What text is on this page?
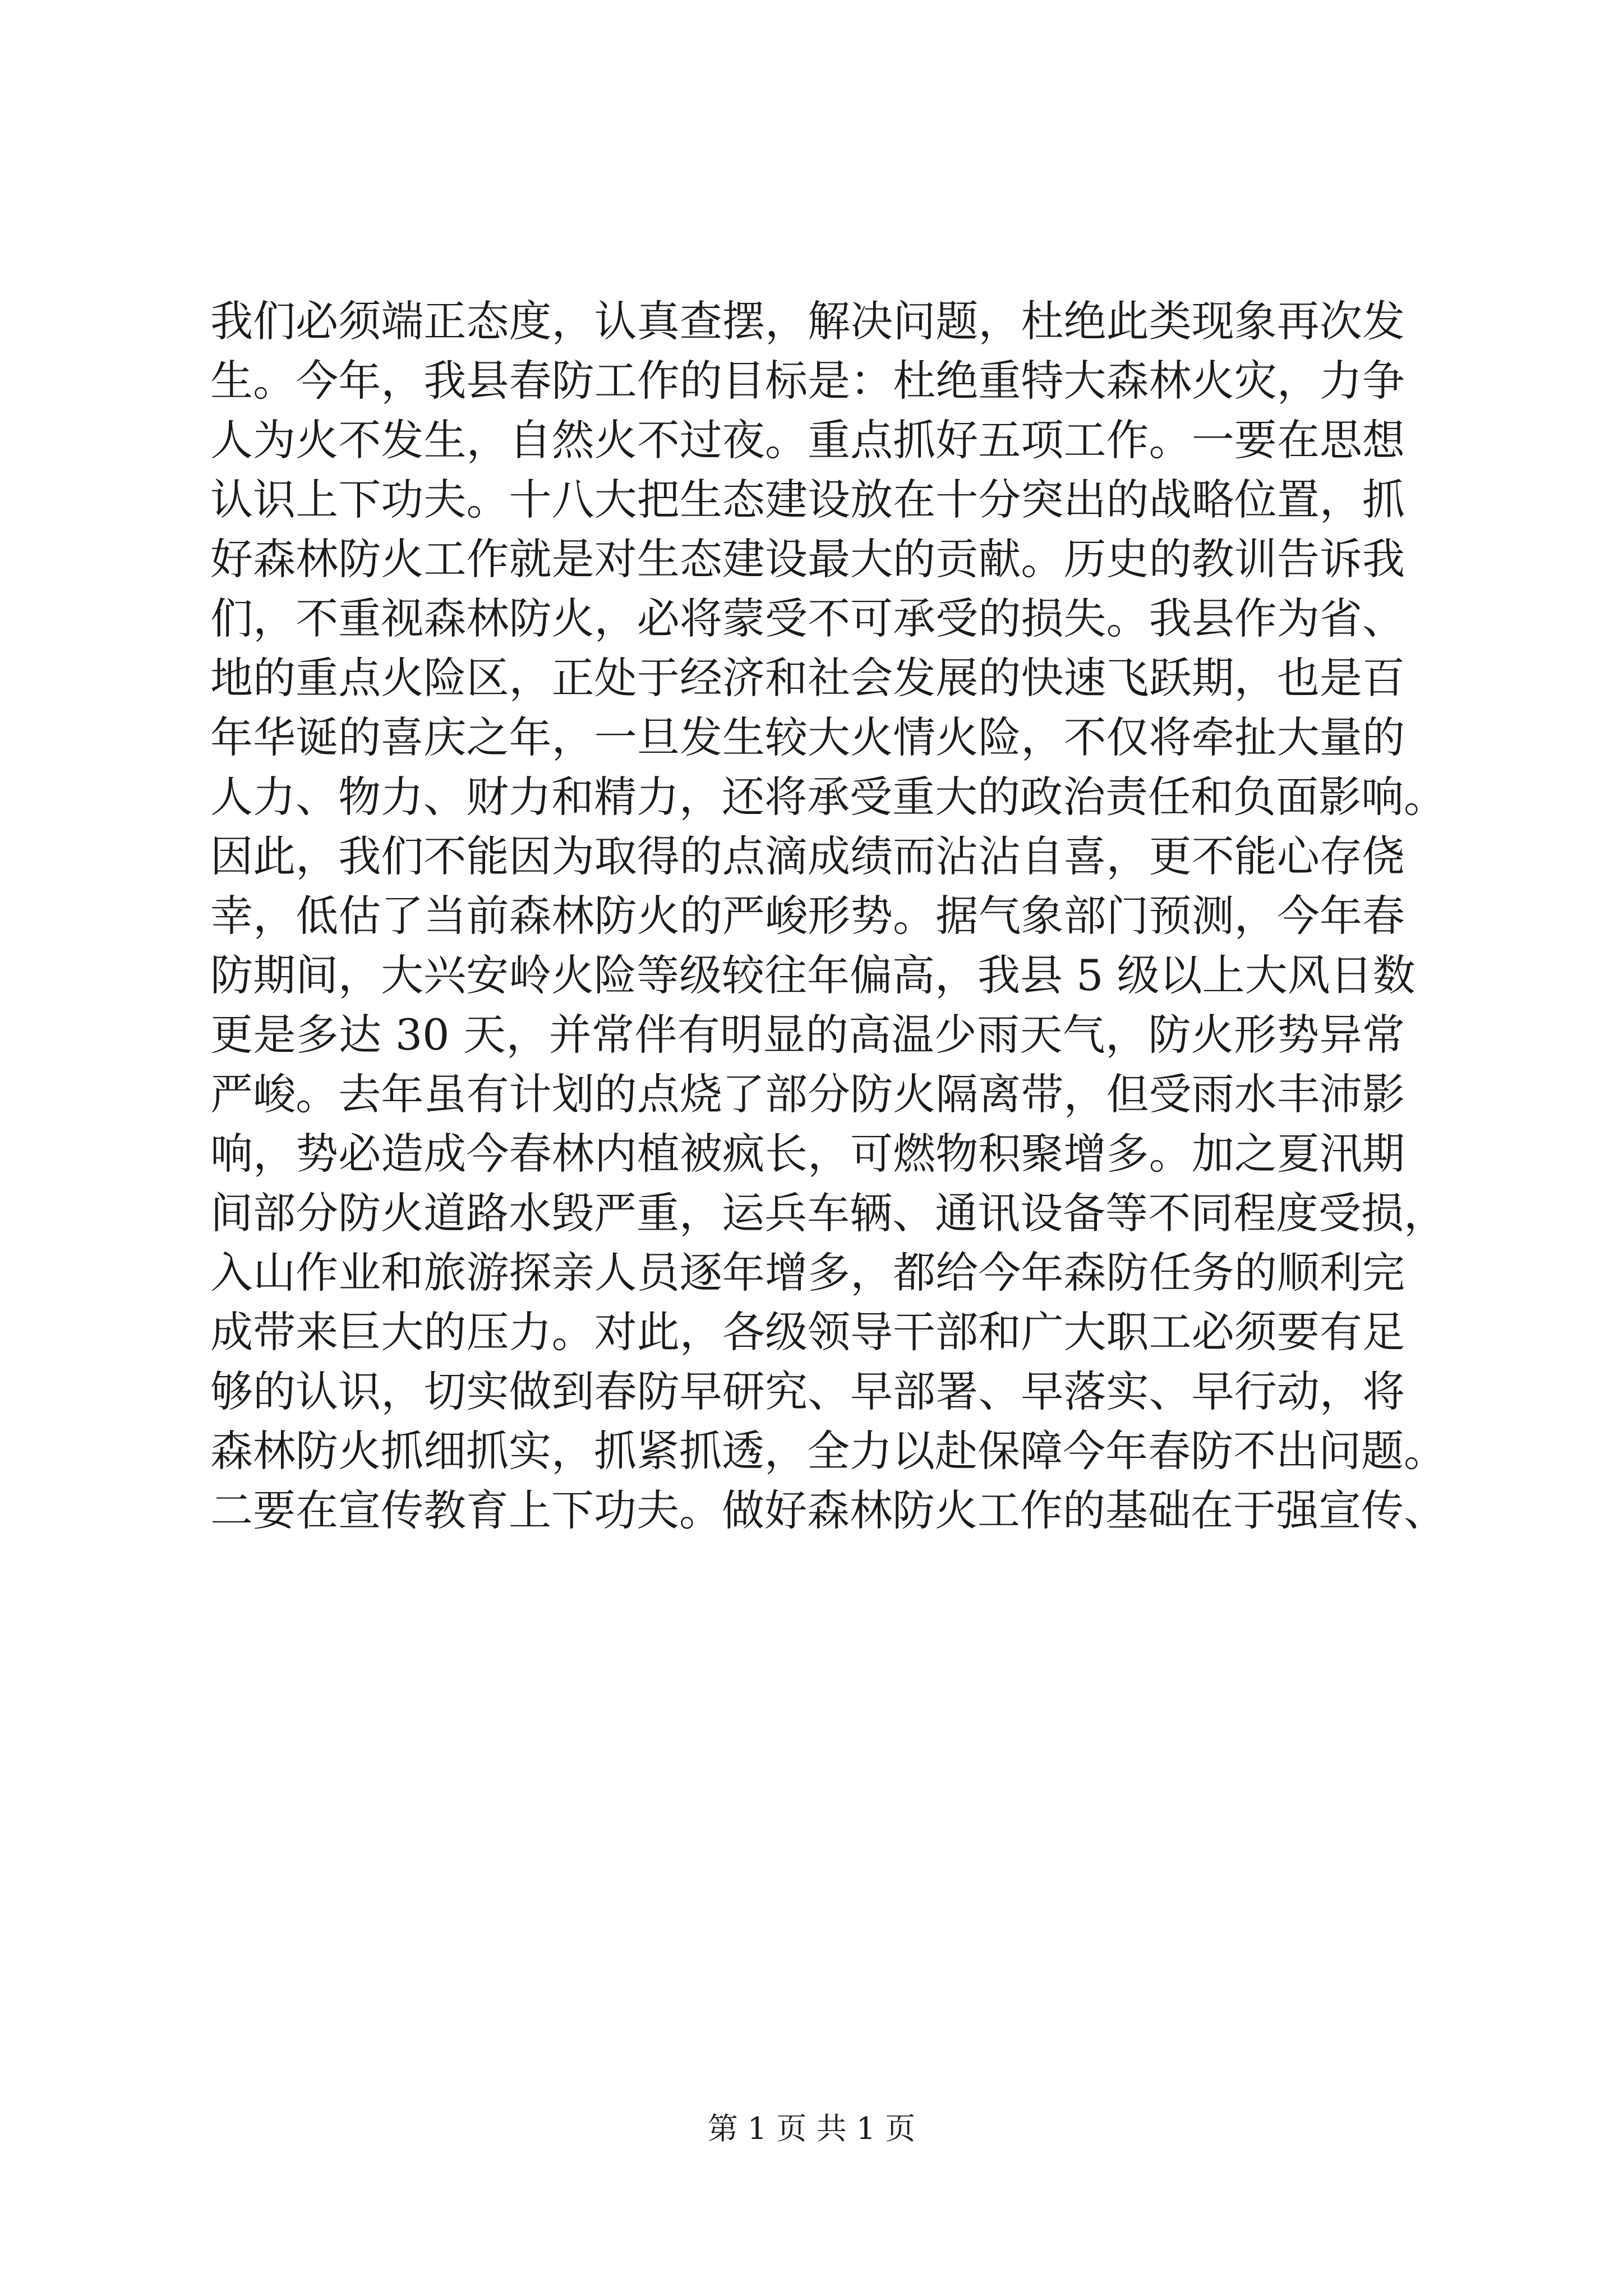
我们必须端正态度，认真查摆，解决问题，杜绝此类现象再次发
生。今年，我县春防工作的目标是：杜绝重特大森林火灾，力争
人为火不发生，自然火不过夜。重点抓好五项工作。一要在思想
认识上下功夫。十八大把生态建设放在十分突出的战略位置，抓
好森林防火工作就是对生态建设最大的贡献。历史的教训告诉我
们，不重视森林防火，必将蒙受不可承受的损失。我县作为省、
地的重点火险区，正处于经济和社会发展的快速飞跃期，也是百
年华诞的喜庆之年，一旦发生较大火情火险，不仅将牵扯大量的
人力、物力、财力和精力，还将承受重大的政治责任和负面影响。
因此，我们不能因为取得的点滴成绩而沾沾自喜，更不能心存侥
幸，低估了当前森林防火的严峻形势。据气象部门预测，今年春
防期间，大兴安岭火险等级较往年偏高，我县 5 级以上大风日数
更是多达 30 天，并常伴有明显的高温少雨天气，防火形势异常
严峻。去年虽有计划的点烧了部分防火隔离带，但受雨水丰沛影
响，势必造成今春林内植被疯长，可燃物积聚增多。加之夏汛期
间部分防火道路水毁严重，运兵车辆、通讯设备等不同程度受损，
入山作业和旅游探亲人员逐年增多，都给今年森防任务的顺利完
成带来巨大的压力。对此，各级领导干部和广大职工必须要有足
够的认识，切实做到春防早研究、早部署、早落实、早行动，将
森林防火抓细抓实，抓紧抓透，全力以赴保障今年春防不出问题。
二要在宣传教育上下功夫。做好森林防火工作的基础在于强宣传、
第 1 页 共 1 页
